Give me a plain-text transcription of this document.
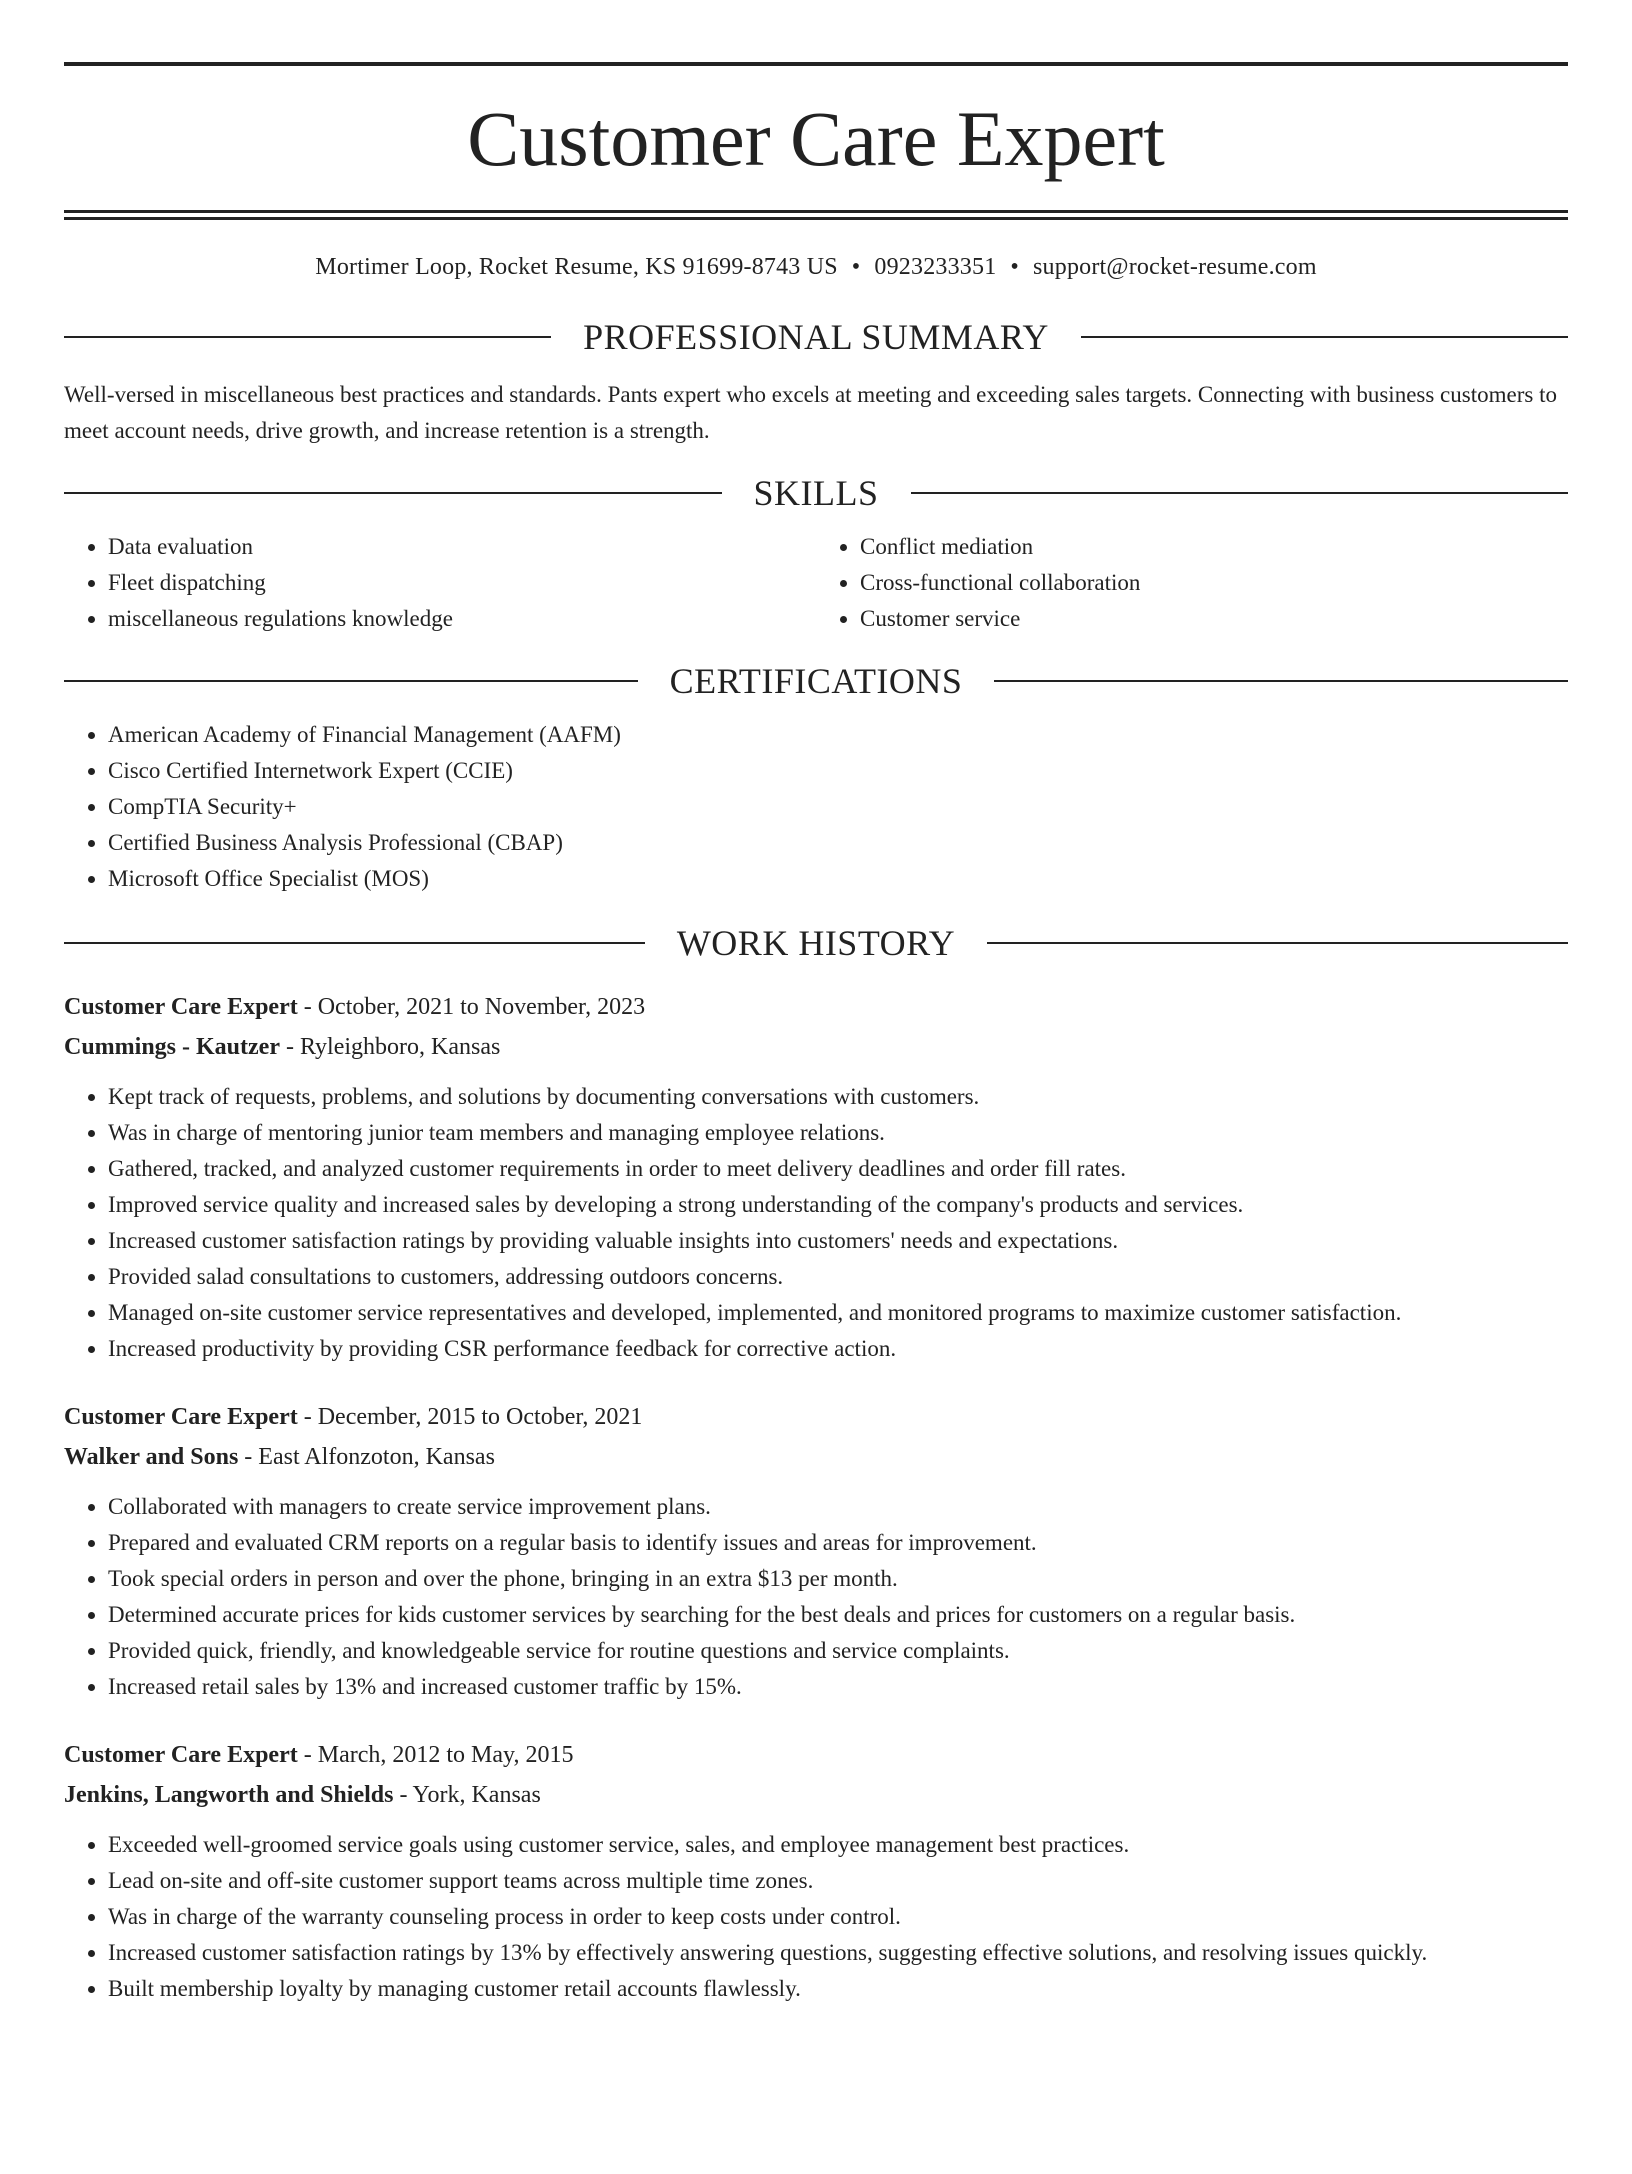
Customer Care Expert
Mortimer Loop, Rocket Resume, KS 91699-8743 US • 0923233351 • support@rocket-resume.com
PROFESSIONAL SUMMARY

Well-versed in miscellaneous best practices and standards. Pants expert who excels at meeting and exceeding sales targets. Connecting with business customers to meet account needs, drive growth, and increase retention is a strength.

SKILLS
• Data evaluation
• Fleet dispatching
• miscellaneous regulations knowledge
• Conflict mediation
• Cross-functional collaboration
• Customer service
CERTIFICATIONS
• American Academy of Financial Management (AAFM)
• Cisco Certified Internetwork Expert (CCIE)
• CompTIA Security+
• Certified Business Analysis Professional (CBAP)
• Microsoft Office Specialist (MOS)
WORK HISTORY
Customer Care Expert - October, 2021 to November, 2023
Cummings - Kautzer - Ryleighboro, Kansas
• Kept track of requests, problems, and solutions by documenting conversations with customers.
• Was in charge of mentoring junior team members and managing employee relations.
• Gathered, tracked, and analyzed customer requirements in order to meet delivery deadlines and order fill rates.
• Improved service quality and increased sales by developing a strong understanding of the company's products and services.
• Increased customer satisfaction ratings by providing valuable insights into customers' needs and expectations.
• Provided salad consultations to customers, addressing outdoors concerns.
• Managed on-site customer service representatives and developed, implemented, and monitored programs to maximize customer satisfaction.
• Increased productivity by providing CSR performance feedback for corrective action.
Customer Care Expert - December, 2015 to October, 2021
Walker and Sons - East Alfonzoton, Kansas
• Collaborated with managers to create service improvement plans.
• Prepared and evaluated CRM reports on a regular basis to identify issues and areas for improvement.
• Took special orders in person and over the phone, bringing in an extra $13 per month.
• Determined accurate prices for kids customer services by searching for the best deals and prices for customers on a regular basis.
• Provided quick, friendly, and knowledgeable service for routine questions and service complaints.
• Increased retail sales by 13% and increased customer traffic by 15%.
Customer Care Expert - March, 2012 to May, 2015
Jenkins, Langworth and Shields - York, Kansas
• Exceeded well-groomed service goals using customer service, sales, and employee management best practices.
• Lead on-site and off-site customer support teams across multiple time zones.
• Was in charge of the warranty counseling process in order to keep costs under control.
• Increased customer satisfaction ratings by 13% by effectively answering questions, suggesting effective solutions, and resolving issues quickly.
• Built membership loyalty by managing customer retail accounts flawlessly.
